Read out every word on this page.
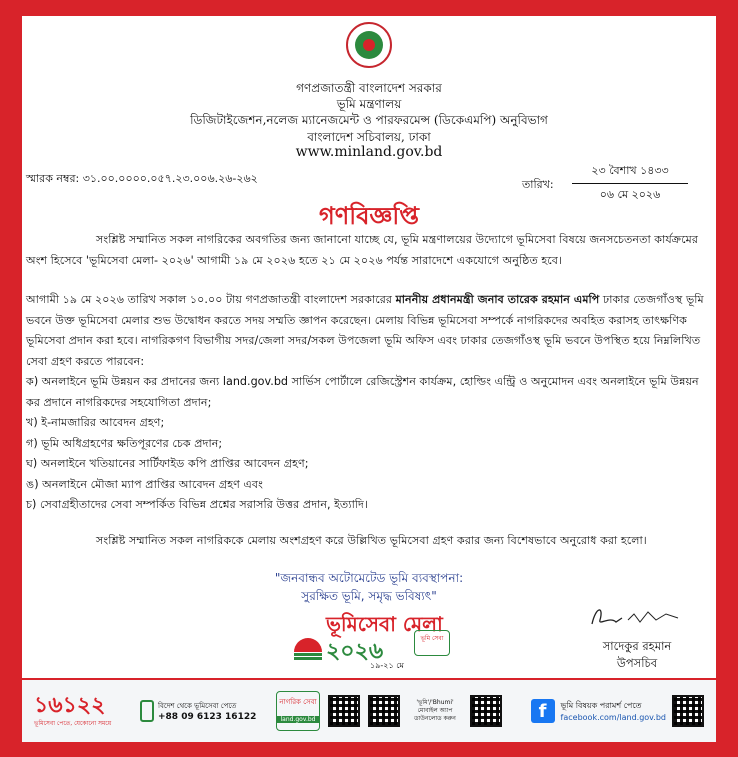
গণপ্রজাতন্ত্রী বাংলাদেশ সরকার
ভূমি মন্ত্রণালয়
ডিজিটাইজেশন,নলেজ ম্যানেজমেন্ট ও পারফরমেন্স (ডিকেএমপি) অনুবিভাগ
বাংলাদেশ সচিবালয়, ঢাকা
www.minland.gov.bd
স্মারক নম্বর: ৩১.০০.০০০০.০৫৭.২৩.০০৬.২৬-২৬২	তারিখ:
২৩ বৈশাখ ১৪৩৩
০৬ মে ২০২৬
গণবিজ্ঞপ্তি
সংশ্লিষ্ট সম্মানিত সকল নাগরিকের অবগতির জন্য জানানো যাচ্ছে যে, ভূমি মন্ত্রণালয়ের উদ্যোগে ভূমিসেবা বিষয়ে জনসচেতনতা কার্যক্রমের অংশ হিসেবে 'ভূমিসেবা মেলা- ২০২৬' আগামী ১৯ মে ২০২৬ হতে ২১ মে ২০২৬ পর্যন্ত সারাদেশে একযোগে অনুষ্ঠিত হবে।
আগামী ১৯ মে ২০২৬ তারিখ সকাল ১০.০০ টায় গণপ্রজাতন্ত্রী বাংলাদেশ সরকারের মাননীয় প্রধানমন্ত্রী জনাব তারেক রহমান এমপি ঢাকার তেজগাঁওস্থ ভূমি ভবনে উক্ত ভূমিসেবা মেলার শুভ উদ্বোধন করতে সদয় সম্মতি জ্ঞাপন করেছেন। মেলায় বিভিন্ন ভূমিসেবা সম্পর্কে নাগরিকদের অবহিত করাসহ তাৎক্ষণিক ভূমিসেবা প্রদান করা হবে। নাগরিকগণ বিভাগীয় সদর/জেলা সদর/সকল উপজেলা ভূমি অফিস এবং ঢাকার তেজগাঁওস্থ ভূমি ভবনে উপস্থিত হয়ে নিম্নলিখিত সেবা গ্রহণ করতে পারবেন:
ক) অনলাইনে ভূমি উন্নয়ন কর প্রদানের জন্য land.gov.bd সার্ভিস পোর্টালে রেজিস্ট্রেশন কার্যক্রম, হোল্ডিং এন্ট্রি ও অনুমোদন এবং অনলাইনে ভূমি উন্নয়ন কর প্রদানে নাগরিকদের সহযোগিতা প্রদান;
খ) ই-নামজারির আবেদন গ্রহণ;
গ) ভূমি অধিগ্রহণের ক্ষতিপূরণের চেক প্রদান;
ঘ) অনলাইনে খতিয়ানের সার্টিফাইড কপি প্রাপ্তির আবেদন গ্রহণ;
ঙ) অনলাইনে মৌজা ম্যাপ প্রাপ্তির আবেদন গ্রহণ এবং
চ) সেবাগ্রহীতাদের সেবা সম্পর্কিত বিভিন্ন প্রশ্নের সরাসরি উত্তর প্রদান, ইত্যাদি।
সংশ্লিষ্ট সম্মানিত সকল নাগরিককে মেলায় অংশগ্রহণ করে উল্লিখিত ভূমিসেবা গ্রহণ করার জন্য বিশেষভাবে অনুরোধ করা হলো।
"জনবান্ধব অটোমেটেড ভূমি ব্যবস্থাপনা:
সুরক্ষিত ভূমি, সমৃদ্ধ ভবিষ্যৎ"
ভূমিসেবা মেলা
২০২৬
১৯-২১ মে
ভূমি সেবা
সাদেকুর রহমান
উপসচিব
১৬১২২
ভূমিসেবা পেতে, যেকোনো সময়ে
বিদেশ থেকে ভূমিসেবা পেতে
+88 09 6123 16122
নাগরিক সেবা
land.gov.bd
'ভূমি'/'Bhumi' মোবাইল অ্যাপ ডাউনলোড করুন	f	ভূমি বিষয়ক পরামর্শ পেতে
facebook.com/land.gov.bd
